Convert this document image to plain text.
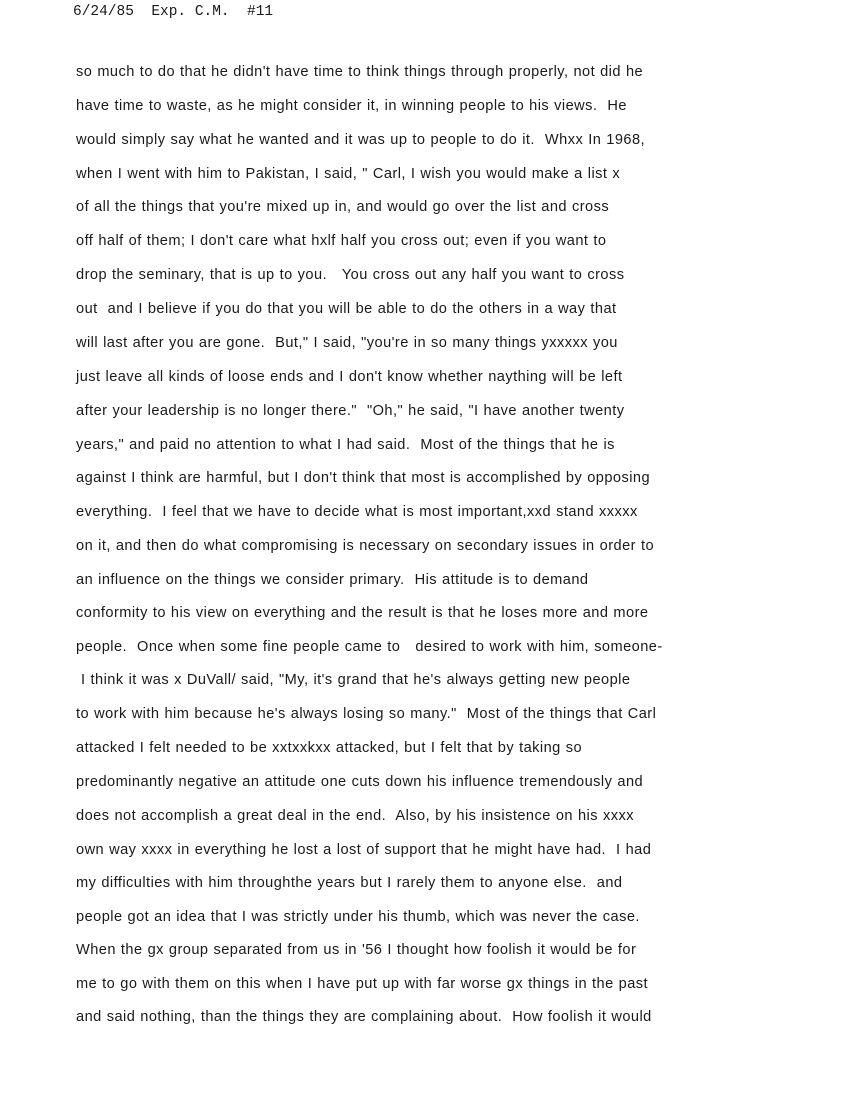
6/24/85  Exp. C.M.  #11
so much to do that he didn't have time to think things through properly, not did he
have time to waste, as he might consider it, in winning people to his views.  He
would simply say what he wanted and it was up to people to do it.  Whxx In 1968,
when I went with him to Pakistan, I said, " Carl, I wish you would make a list x
of all the things that you're mixed up in, and would go over the list and cross
off half of them; I don't care what hxlf half you cross out; even if you want to
drop the seminary, that is up to you.   You cross out any half you want to cross
out  and I believe if you do that you will be able to do the others in a way that
will last after you are gone.  But," I said, "you're in so many things yxxxxx you
just leave all kinds of loose ends and I don't know whether naything will be left
after your leadership is no longer there."  "Oh," he said, "I have another twenty
years," and paid no attention to what I had said.  Most of the things that he is
against I think are harmful, but I don't think that most is accomplished by opposing
everything.  I feel that we have to decide what is most important,xxd stand xxxxx
on it, and then do what compromising is necessary on secondary issues in order to
an influence on the things we consider primary.  His attitude is to demand
conformity to his view on everything and the result is that he loses more and more
people.  Once when some fine people came to   desired to work with him, someone-
I think it was x DuVall/ said, "My, it's grand that he's always getting new people
to work with him because he's always losing so many."  Most of the things that Carl
attacked I felt needed to be xxtxxkxx attacked, but I felt that by taking so
predominantly negative an attitude one cuts down his influence tremendously and
does not accomplish a great deal in the end.  Also, by his insistence on his xxxx
own way xxxx in everything he lost a lost of support that he might have had.  I had
my difficulties with him throughthe years but I rarely them to anyone else.  and
people got an idea that I was strictly under his thumb, which was never the case.
When the gx group separated from us in '56 I thought how foolish it would be for
me to go with them on this when I have put up with far worse gx things in the past
and said nothing, than the things they are complaining about.  How foolish it would
